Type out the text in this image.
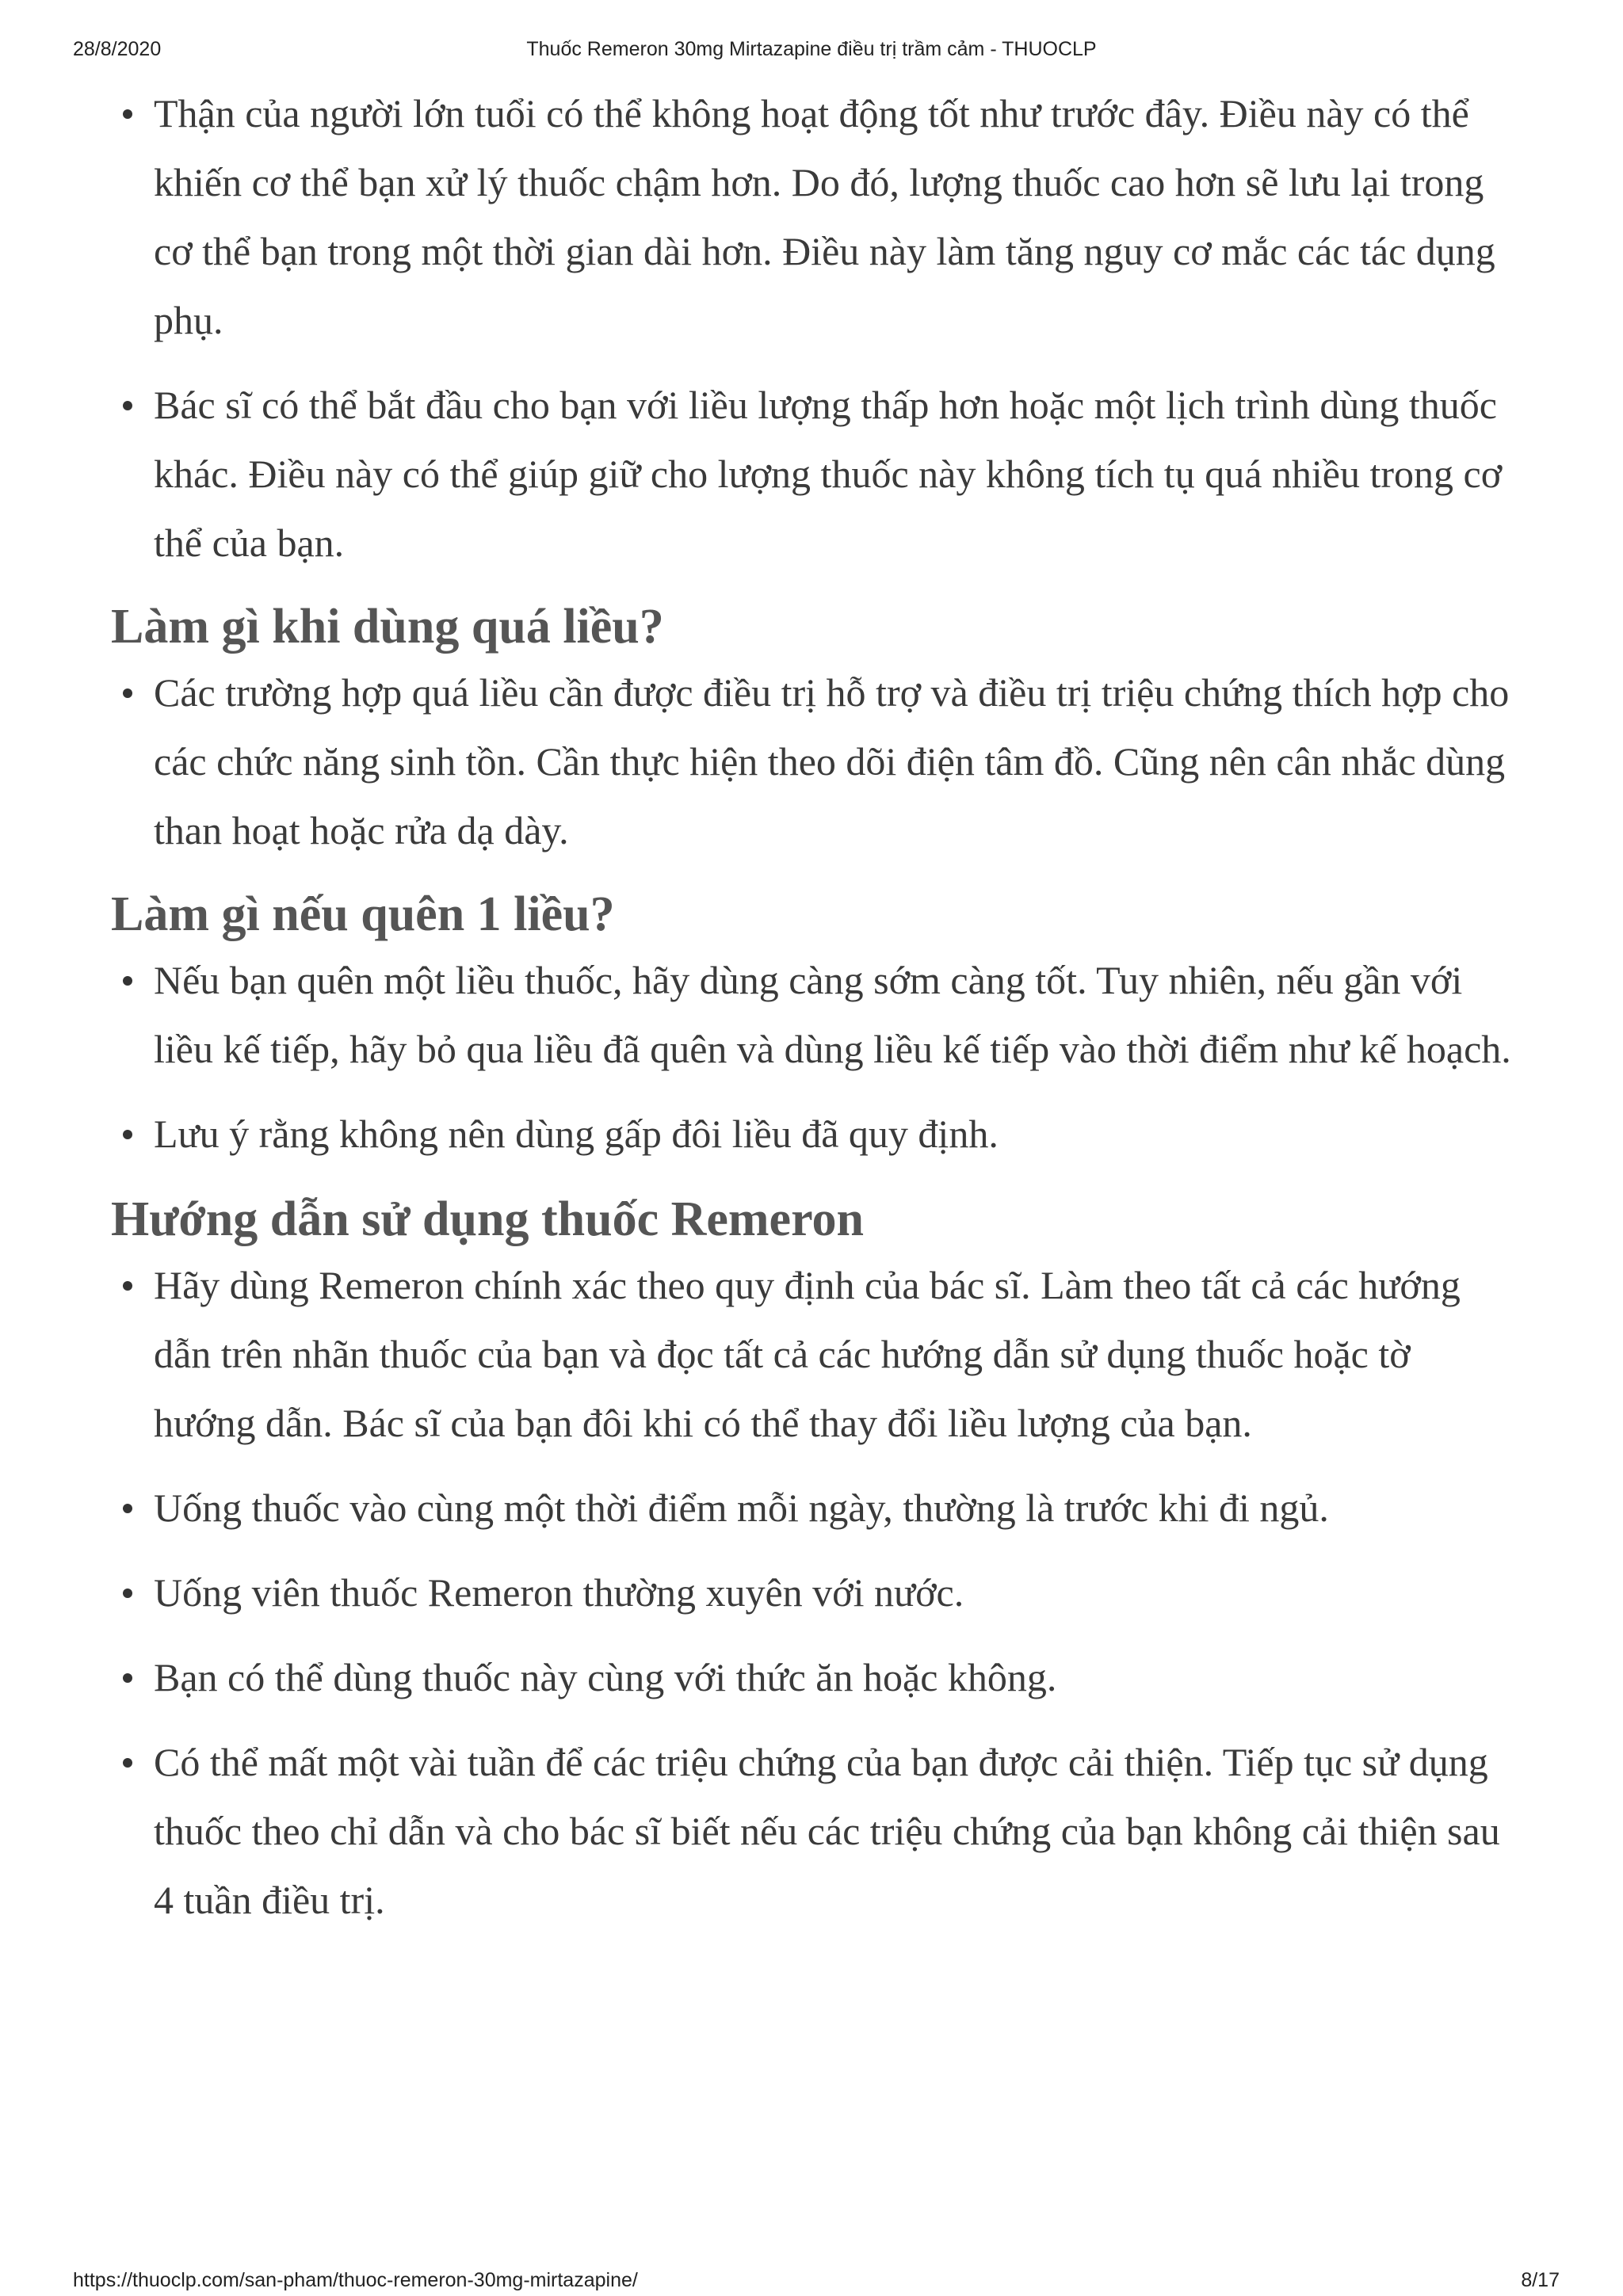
28/8/2020	Thuốc Remeron 30mg Mirtazapine điều trị trầm cảm - THUOCLP
Thận của người lớn tuổi có thể không hoạt động tốt như trước đây. Điều này có thể khiến cơ thể bạn xử lý thuốc chậm hơn. Do đó, lượng thuốc cao hơn sẽ lưu lại trong cơ thể bạn trong một thời gian dài hơn. Điều này làm tăng nguy cơ mắc các tác dụng phụ.
Bác sĩ có thể bắt đầu cho bạn với liều lượng thấp hơn hoặc một lịch trình dùng thuốc khác. Điều này có thể giúp giữ cho lượng thuốc này không tích tụ quá nhiều trong cơ thể của bạn.
Làm gì khi dùng quá liều?
Các trường hợp quá liều cần được điều trị hỗ trợ và điều trị triệu chứng thích hợp cho các chức năng sinh tồn. Cần thực hiện theo dõi điện tâm đồ. Cũng nên cân nhắc dùng than hoạt hoặc rửa dạ dày.
Làm gì nếu quên 1 liều?
Nếu bạn quên một liều thuốc, hãy dùng càng sớm càng tốt. Tuy nhiên, nếu gần với liều kế tiếp, hãy bỏ qua liều đã quên và dùng liều kế tiếp vào thời điểm như kế hoạch.
Lưu ý rằng không nên dùng gấp đôi liều đã quy định.
Hướng dẫn sử dụng thuốc Remeron
Hãy dùng Remeron chính xác theo quy định của bác sĩ. Làm theo tất cả các hướng dẫn trên nhãn thuốc của bạn và đọc tất cả các hướng dẫn sử dụng thuốc hoặc tờ hướng dẫn. Bác sĩ của bạn đôi khi có thể thay đổi liều lượng của bạn.
Uống thuốc vào cùng một thời điểm mỗi ngày, thường là trước khi đi ngủ.
Uống viên thuốc Remeron thường xuyên với nước.
Bạn có thể dùng thuốc này cùng với thức ăn hoặc không.
Có thể mất một vài tuần để các triệu chứng của bạn được cải thiện. Tiếp tục sử dụng thuốc theo chỉ dẫn và cho bác sĩ biết nếu các triệu chứng của bạn không cải thiện sau 4 tuần điều trị.
https://thuoclp.com/san-pham/thuoc-remeron-30mg-mirtazapine/	8/17
